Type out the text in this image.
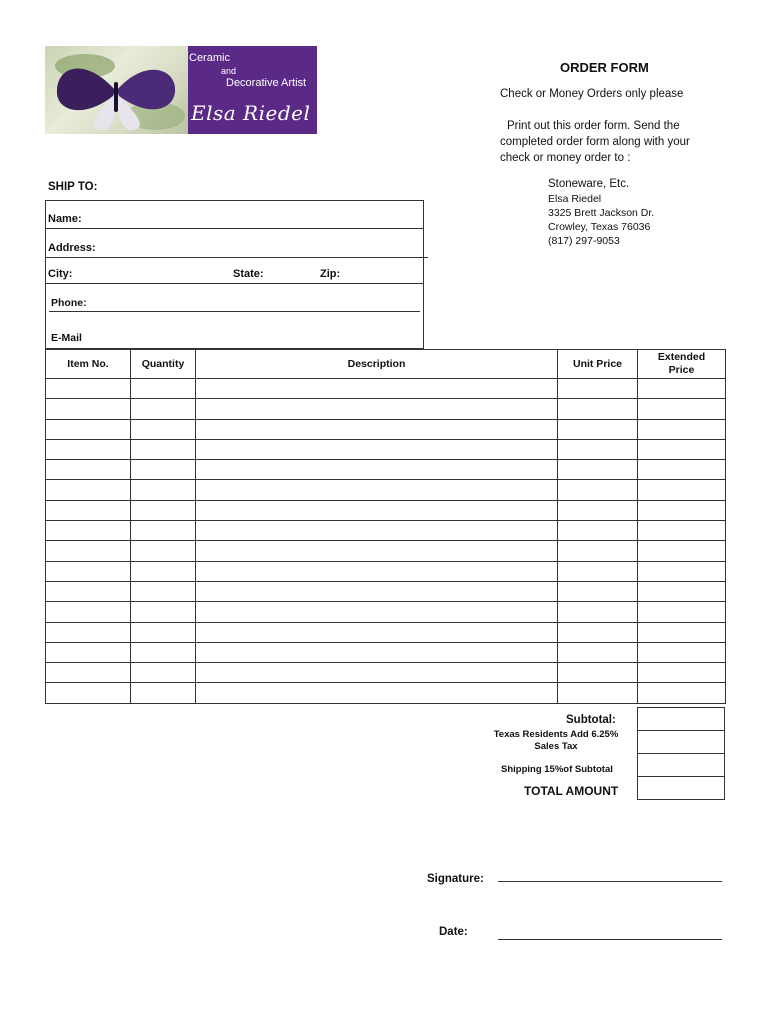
Ceramic
and
Decorative Artist
Elsa Riedel
ORDER FORM
Check or Money Orders only please
Print out this order form. Send the
completed order form along with your
check or money order to :
Stoneware, Etc.
Elsa Riedel
3325 Brett Jackson Dr.
Crowley, Texas 76036
(817) 297-9053
SHIP TO:
Name:
Address:
City:	State:	Zip:
Phone:
E-Mail
Item No.	Quantity	Description	Unit Price	Extended Price

Subtotal:
Texas Residents Add 6.25%
Sales Tax
Shipping 15%of Subtotal
TOTAL AMOUNT
Signature:
Date:
